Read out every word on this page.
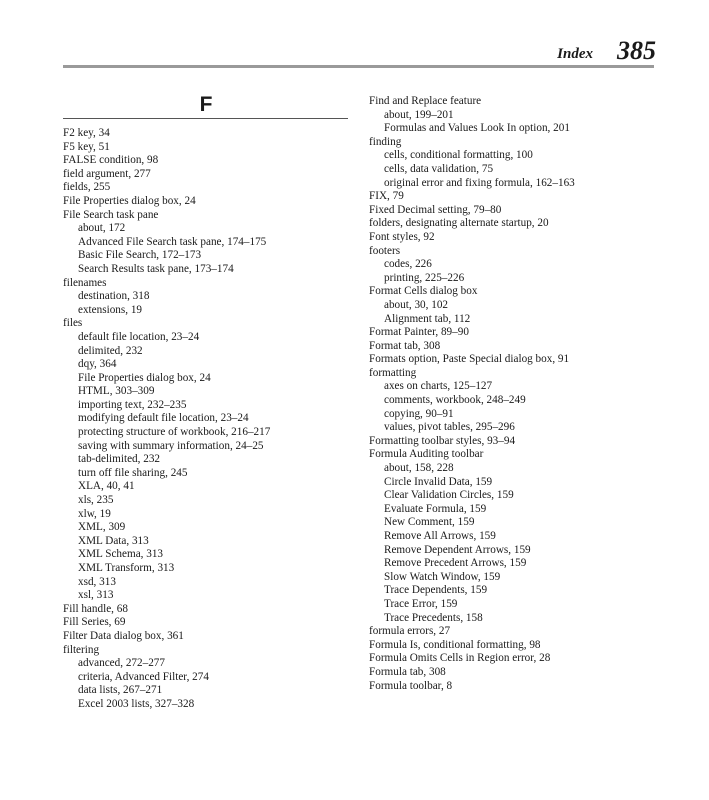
Index 385
F
F2 key, 34
F5 key, 51
FALSE condition, 98
field argument, 277
fields, 255
File Properties dialog box, 24
File Search task pane
about, 172
Advanced File Search task pane, 174–175
Basic File Search, 172–173
Search Results task pane, 173–174
filenames
destination, 318
extensions, 19
files
default file location, 23–24
delimited, 232
dqy, 364
File Properties dialog box, 24
HTML, 303–309
importing text, 232–235
modifying default file location, 23–24
protecting structure of workbook, 216–217
saving with summary information, 24–25
tab-delimited, 232
turn off file sharing, 245
XLA, 40, 41
xls, 235
xlw, 19
XML, 309
XML Data, 313
XML Schema, 313
XML Transform, 313
xsd, 313
xsl, 313
Fill handle, 68
Fill Series, 69
Filter Data dialog box, 361
filtering
advanced, 272–277
criteria, Advanced Filter, 274
data lists, 267–271
Excel 2003 lists, 327–328
Find and Replace feature
about, 199–201
Formulas and Values Look In option, 201
finding
cells, conditional formatting, 100
cells, data validation, 75
original error and fixing formula, 162–163
FIX, 79
Fixed Decimal setting, 79–80
folders, designating alternate startup, 20
Font styles, 92
footers
codes, 226
printing, 225–226
Format Cells dialog box
about, 30, 102
Alignment tab, 112
Format Painter, 89–90
Format tab, 308
Formats option, Paste Special dialog box, 91
formatting
axes on charts, 125–127
comments, workbook, 248–249
copying, 90–91
values, pivot tables, 295–296
Formatting toolbar styles, 93–94
Formula Auditing toolbar
about, 158, 228
Circle Invalid Data, 159
Clear Validation Circles, 159
Evaluate Formula, 159
New Comment, 159
Remove All Arrows, 159
Remove Dependent Arrows, 159
Remove Precedent Arrows, 159
Slow Watch Window, 159
Trace Dependents, 159
Trace Error, 159
Trace Precedents, 158
formula errors, 27
Formula Is, conditional formatting, 98
Formula Omits Cells in Region error, 28
Formula tab, 308
Formula toolbar, 8
